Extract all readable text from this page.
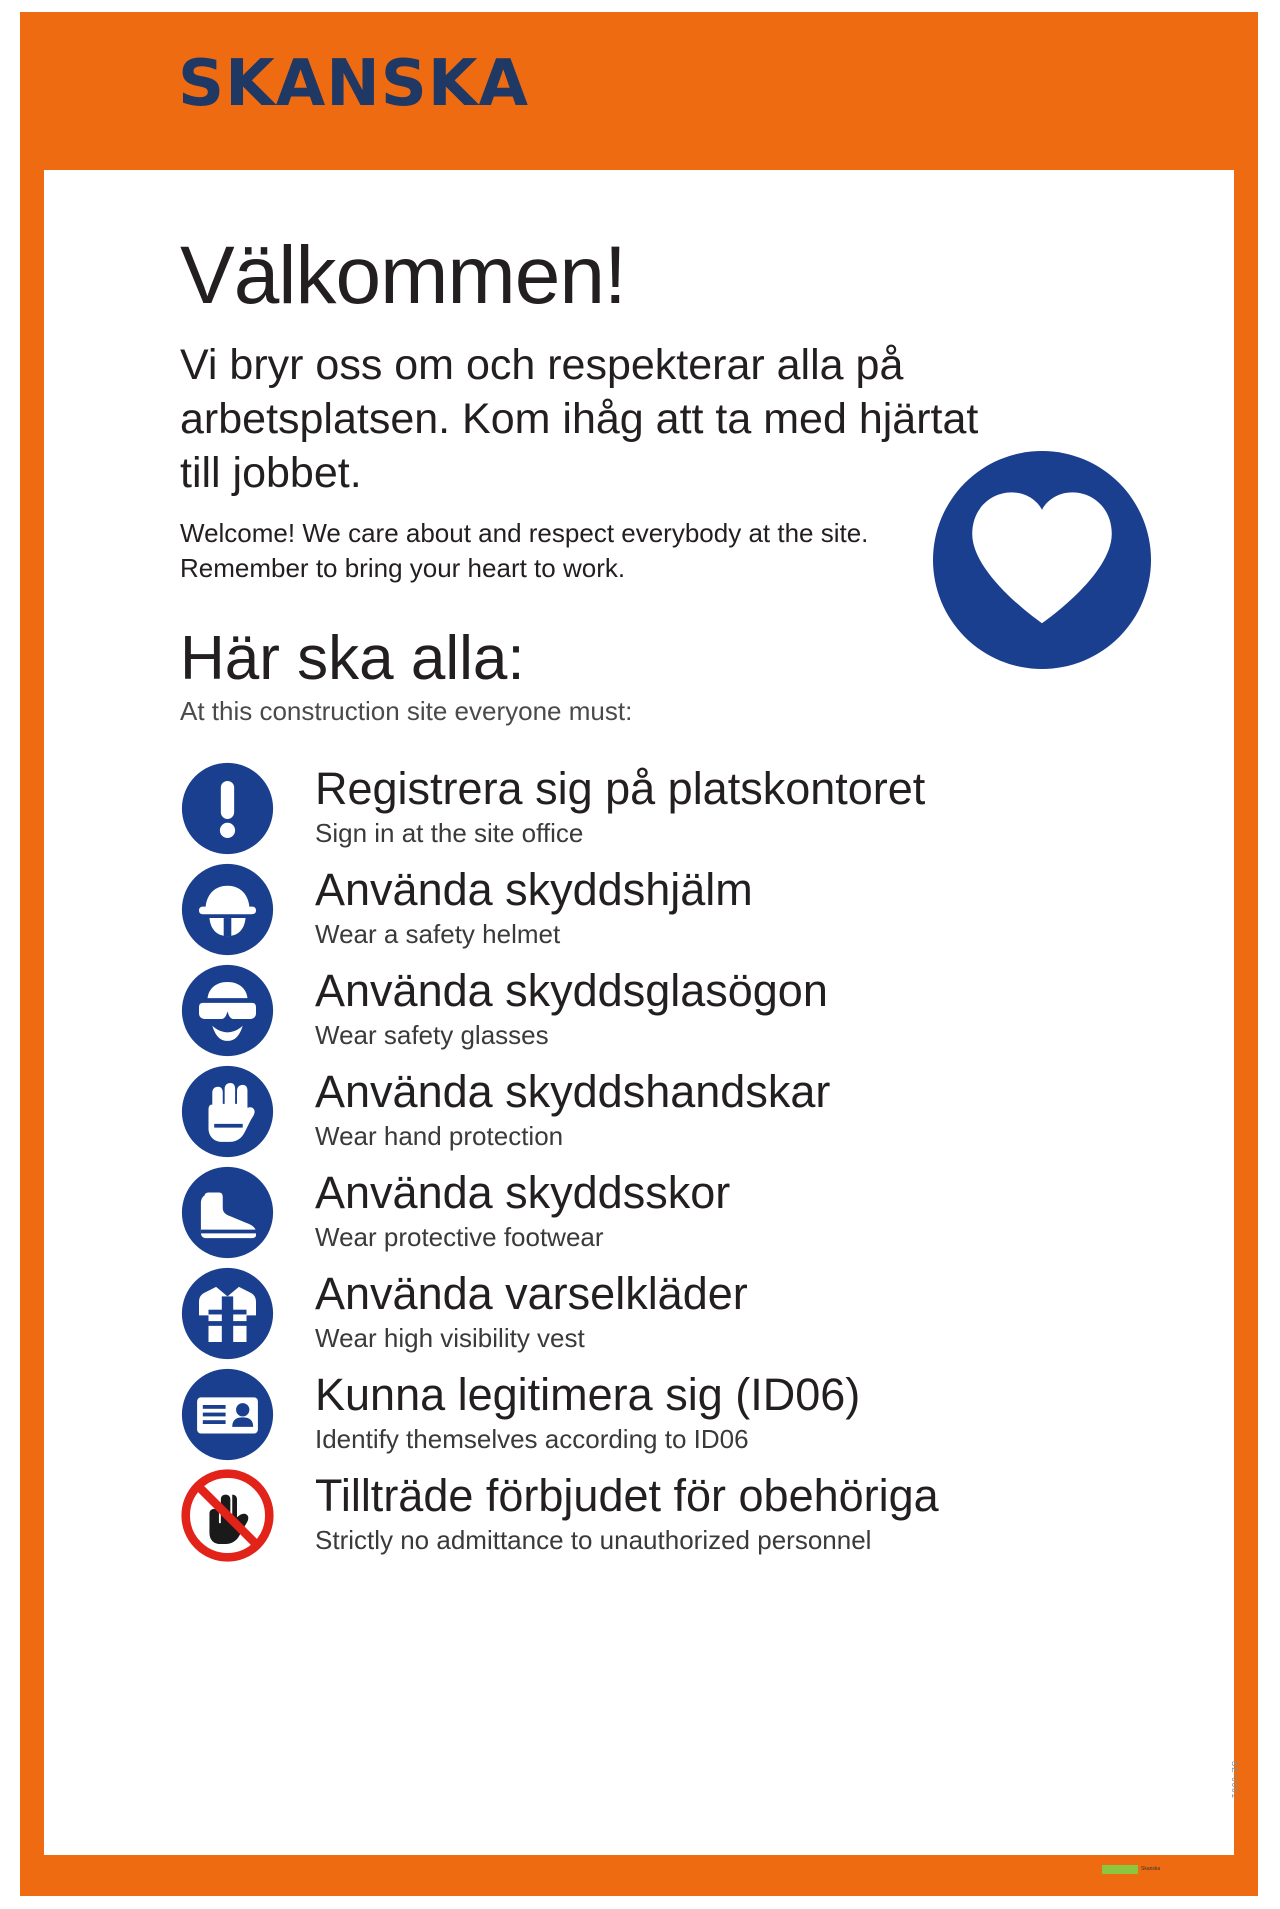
SKANSKA
Välkommen!
Vi bryr oss om och respekterar alla på arbetsplatsen. Kom ihåg att ta med hjärtat till jobbet.
Welcome! We care about and respect everybody at the site. Remember to bring your heart to work.
Här ska alla:
At this construction site everyone must:
Registrera sig på platskontoret
Sign in at the site office
Använda skyddshjälm
Wear a safety helmet
Använda skyddsglasögon
Wear safety glasses
Använda skyddshandskar
Wear hand protection
Använda skyddsskor
Wear protective footwear
Använda varselkläder
Wear high visibility vest
Kunna legitimera sig (ID06)
Identify themselves according to ID06
Tillträde förbjudet för obehöriga
Strictly no admittance to unauthorized personnel
SE-0001
Skanska
